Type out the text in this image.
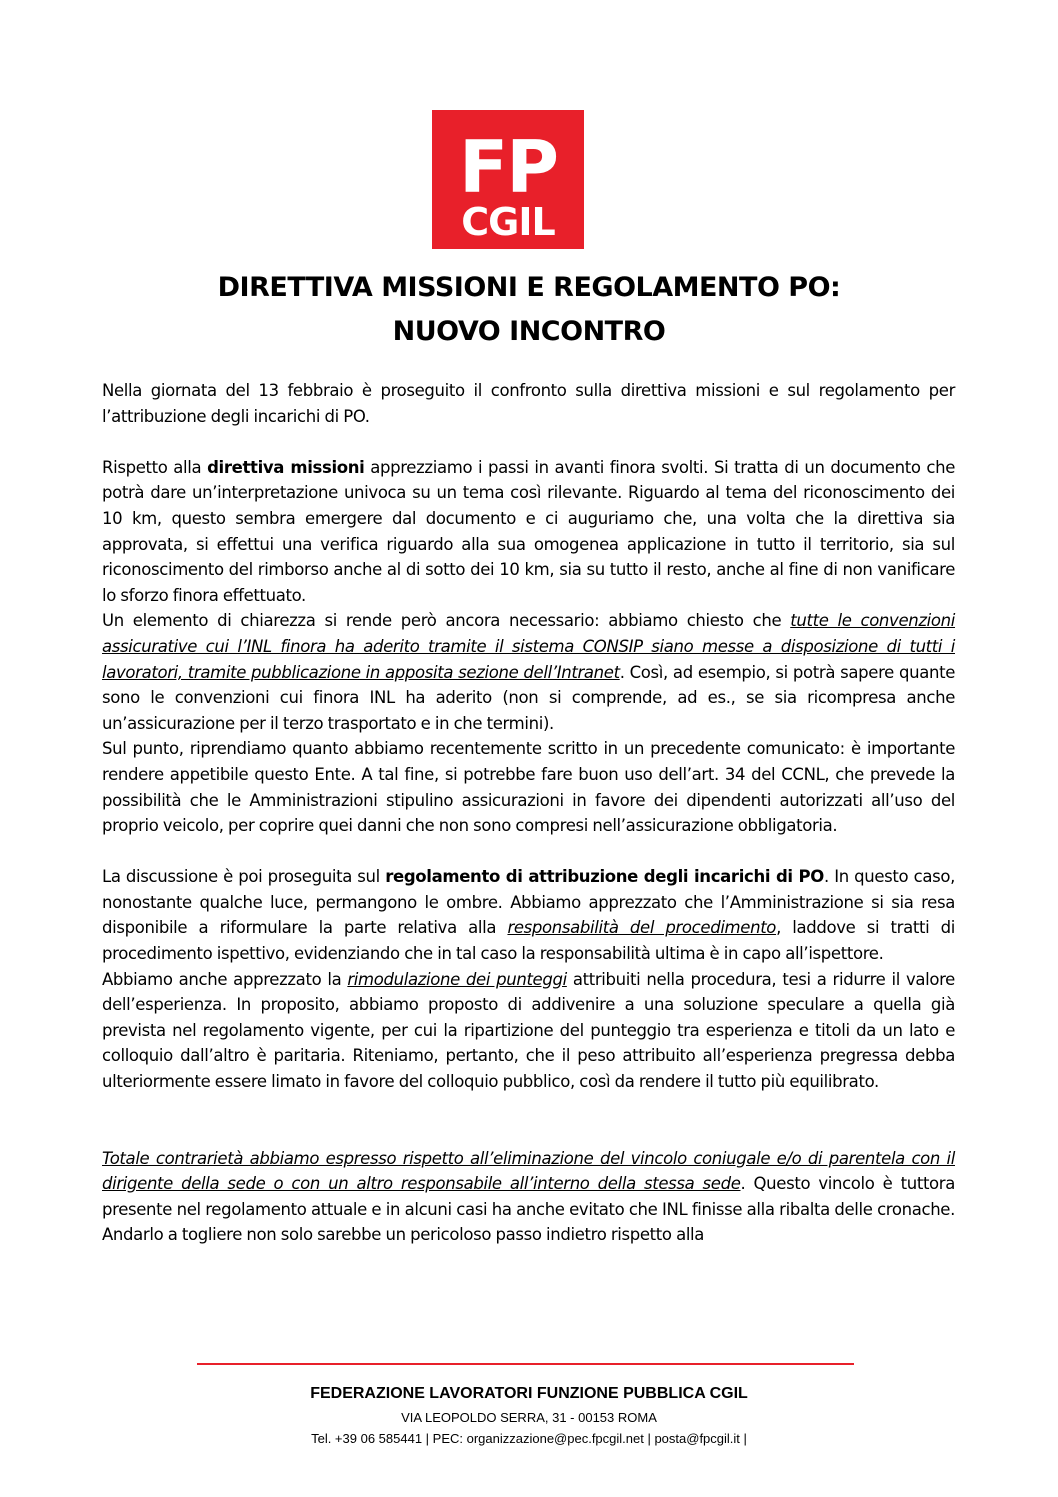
FP
CGIL
DIRETTIVA MISSIONI E REGOLAMENTO PO:
NUOVO INCONTRO

Nella giornata del 13 febbraio è proseguito il confronto sulla direttiva missioni e sul regolamento per l’attribuzione degli incarichi di PO.

Rispetto alla direttiva missioni apprezziamo i passi in avanti finora svolti. Si tratta di un documento che potrà dare un’interpretazione univoca su un tema così rilevante. Riguardo al tema del riconoscimento dei 10 km, questo sembra emergere dal documento e ci auguriamo che, una volta che la direttiva sia approvata, si effettui una verifica riguardo alla sua omogenea applicazione in tutto il territorio, sia sul riconoscimento del rimborso anche al di sotto dei 10 km, sia su tutto il resto, anche al fine di non vanificare lo sforzo finora effettuato.

Un elemento di chiarezza si rende però ancora necessario: abbiamo chiesto che tutte le convenzioni assicurative cui l’INL finora ha aderito tramite il sistema CONSIP siano messe a disposizione di tutti i lavoratori, tramite pubblicazione in apposita sezione dell’Intranet. Così, ad esempio, si potrà sapere quante sono le convenzioni cui finora INL ha aderito (non si comprende, ad es., se sia ricompresa anche un’assicurazione per il terzo trasportato e in che termini).

Sul punto, riprendiamo quanto abbiamo recentemente scritto in un precedente comunicato: è importante rendere appetibile questo Ente. A tal fine, si potrebbe fare buon uso dell’art. 34 del CCNL, che prevede la possibilità che le Amministrazioni stipulino assicurazioni in favore dei dipendenti autorizzati all’uso del proprio veicolo, per coprire quei danni che non sono compresi nell’assicurazione obbligatoria.

La discussione è poi proseguita sul regolamento di attribuzione degli incarichi di PO. In questo caso, nonostante qualche luce, permangono le ombre. Abbiamo apprezzato che l’Amministrazione si sia resa disponibile a riformulare la parte relativa alla responsabilità del procedimento, laddove si tratti di procedimento ispettivo, evidenziando che in tal caso la responsabilità ultima è in capo all’ispettore.

Abbiamo anche apprezzato la rimodulazione dei punteggi attribuiti nella procedura, tesi a ridurre il valore dell’esperienza. In proposito, abbiamo proposto di addivenire a una soluzione speculare a quella già prevista nel regolamento vigente, per cui la ripartizione del punteggio tra esperienza e titoli da un lato e colloquio dall’altro è paritaria. Riteniamo, pertanto, che il peso attribuito all’esperienza pregressa debba ulteriormente essere limato in favore del colloquio pubblico, così da rendere il tutto più equilibrato.

Totale contrarietà abbiamo espresso rispetto all’eliminazione del vincolo coniugale e/o di parentela con il dirigente della sede o con un altro responsabile all’interno della stessa sede. Questo vincolo è tuttora presente nel regolamento attuale e in alcuni casi ha anche evitato che INL finisse alla ribalta delle cronache. Andarlo a togliere non solo sarebbe un pericoloso passo indietro rispetto alla

FEDERAZIONE LAVORATORI FUNZIONE PUBBLICA CGIL
VIA LEOPOLDO SERRA, 31 - 00153 ROMA
Tel. +39 06 585441 | PEC: organizzazione@pec.fpcgil.net | posta@fpcgil.it |
